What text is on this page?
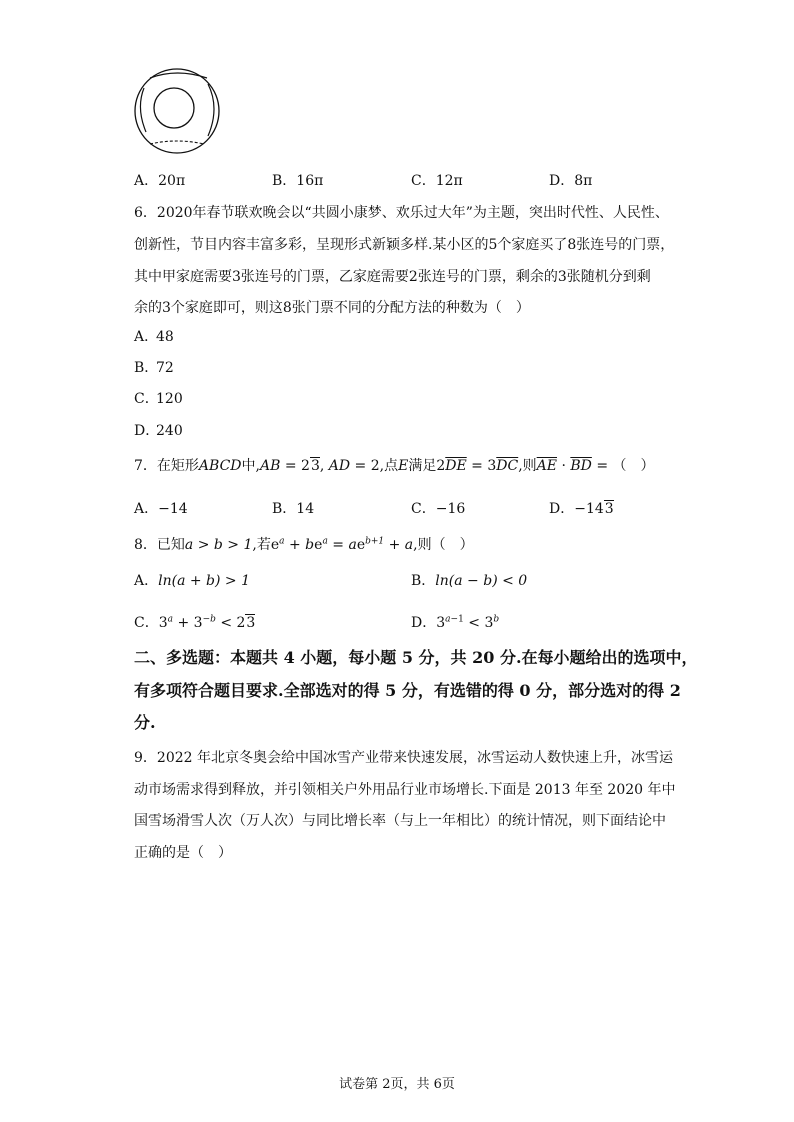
A．20π	B．16π	C．12π	D．8π
6．2020年春节联欢晚会以“共圆小康梦、欢乐过大年”为主题，突出时代性、人民性、
创新性，节目内容丰富多彩，呈现形式新颖多样.某小区的5个家庭买了8张连号的门票，
其中甲家庭需要3张连号的门票，乙家庭需要2张连号的门票，剩余的3张随机分到剩
余的3个家庭即可，则这8张门票不同的分配方法的种数为（　）
A．48
B．72
C．120
D．240
7．在矩形ABCD中,AB = 23, AD = 2,点E满足$2\overline{DE} = 3\overline{DC}$,则$\overline{AE} \cdot \overline{BD}$ = （　）
A．−14	B．14	C．−16	D．−143
8．已知a > b > 1,若$e^a + be^a = ae^{b+1} + a$,则（　）
A．ln(a + b) > 1	B．ln(a − b) < 0
C．$3^a + 3^{-b} < 23$	D．$3^{a-1} < 3^b$
二、多选题：本题共 4 小题，每小题 5 分，共 20 分.在每小题给出的选项中，
有多项符合题目要求.全部选对的得 5 分，有选错的得 0 分，部分选对的得 2
分.
9．2022 年北京冬奥会给中国冰雪产业带来快速发展，冰雪运动人数快速上升，冰雪运
动市场需求得到释放，并引领相关户外用品行业市场增长.下面是 2013 年至 2020 年中
国雪场滑雪人次（万人次）与同比增长率（与上一年相比）的统计情况，则下面结论中
正确的是（　）
试卷第 2页，共 6页
